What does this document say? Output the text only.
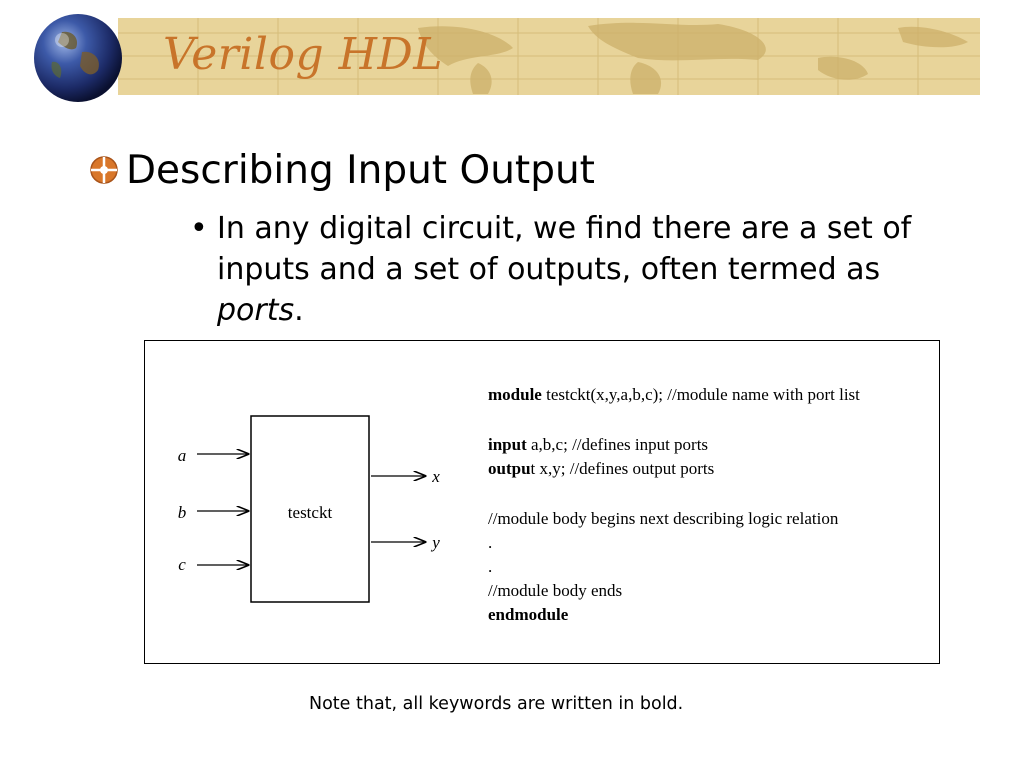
Verilog HDL
Describing Input Output
• In any digital circuit, we find there are a set of
inputs and a set of outputs, often termed as
ports.
testckt
a
b
c
x
y
module testckt(x,y,a,b,c); //module name with port list
input a,b,c; //defines input ports
output x,y; //defines output ports
//module body begins next describing logic relation
.
.
//module body ends
endmodule
Note that, all keywords are written in bold.
